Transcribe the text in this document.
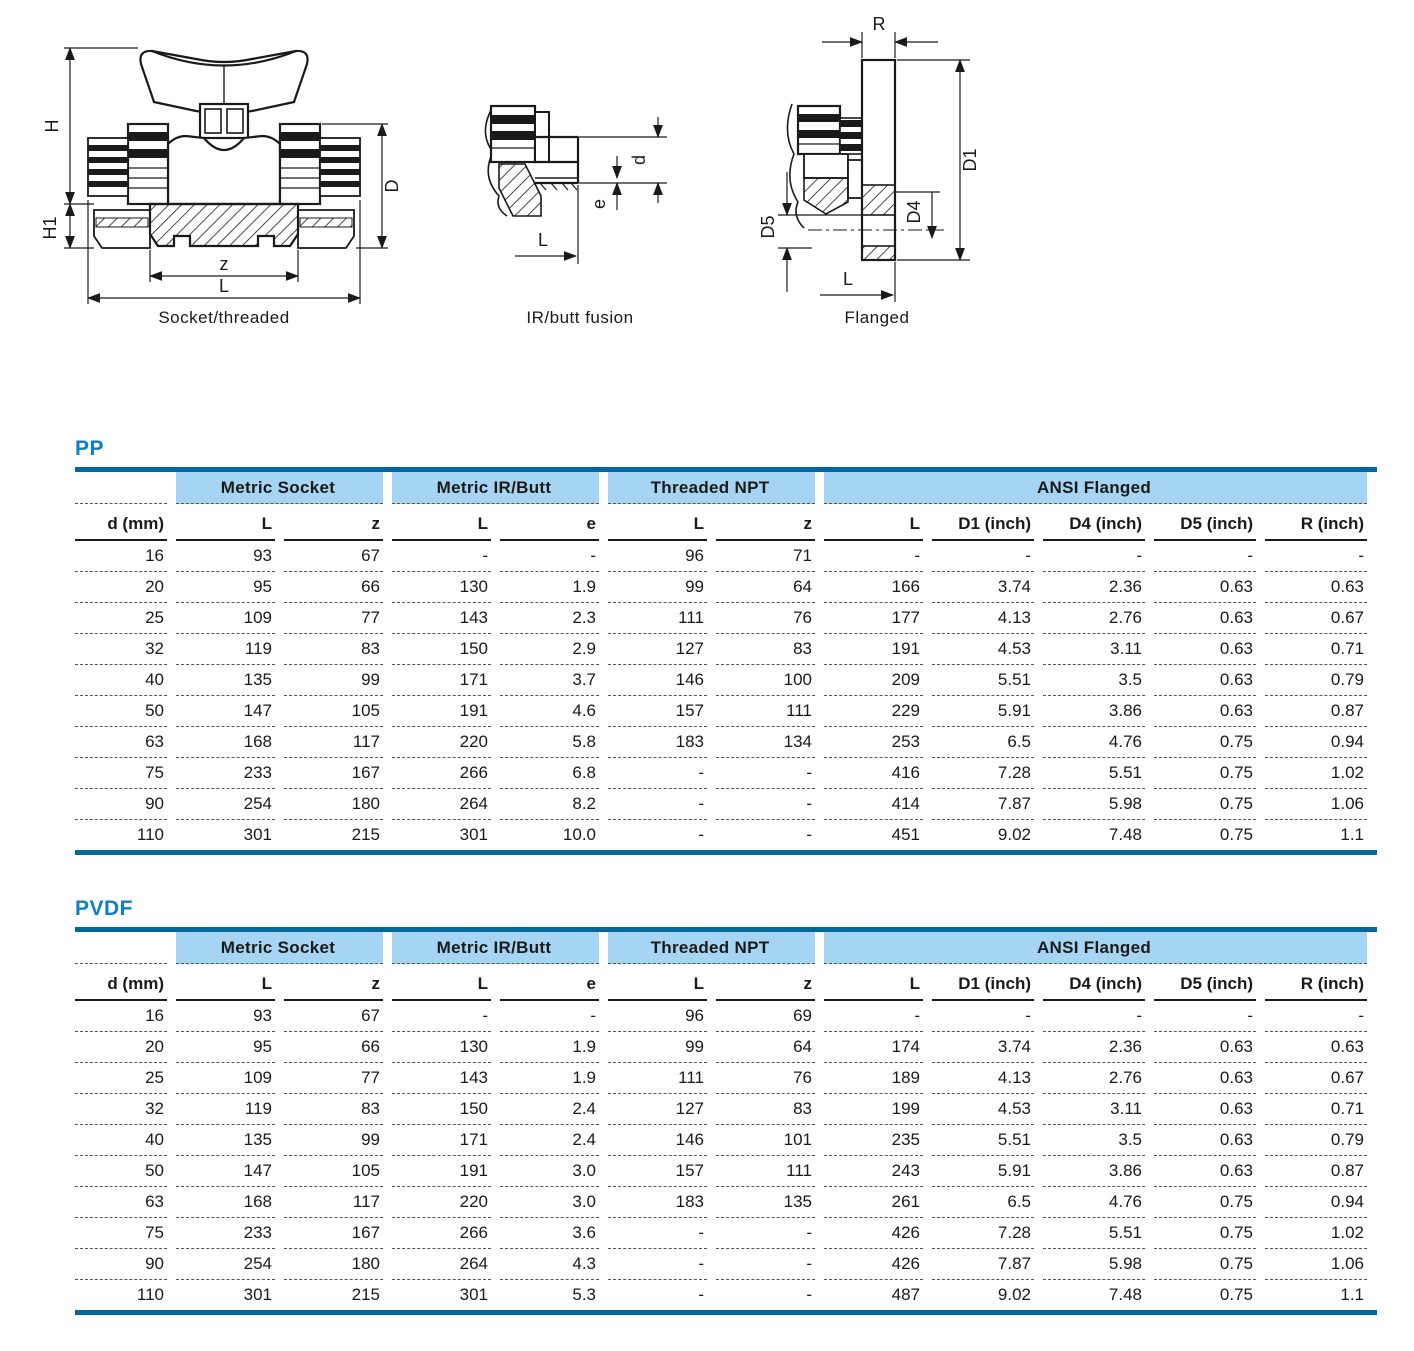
H
H1
D
z
L
Socket/threaded
d
e
L
IR/butt fusion
R
D1
D4
D5
L
Flanged
PP
	Metric Socket		Metric IR/Butt		Threaded NPT		ANSI Flanged				
d (mm)	L	z	L	e	L	z	L	D1 (inch)	D4 (inch)	D5 (inch)	R (inch)
16	93	67	-	-	96	71	-	-	-	-	-
20	95	66	130	1.9	99	64	166	3.74	2.36	0.63	0.63
25	109	77	143	2.3	111	76	177	4.13	2.76	0.63	0.67
32	119	83	150	2.9	127	83	191	4.53	3.11	0.63	0.71
40	135	99	171	3.7	146	100	209	5.51	3.5	0.63	0.79
50	147	105	191	4.6	157	111	229	5.91	3.86	0.63	0.87
63	168	117	220	5.8	183	134	253	6.5	4.76	0.75	0.94
75	233	167	266	6.8	-	-	416	7.28	5.51	0.75	1.02
90	254	180	264	8.2	-	-	414	7.87	5.98	0.75	1.06
110	301	215	301	10.0	-	-	451	9.02	7.48	0.75	1.1
PVDF
	Metric Socket		Metric IR/Butt		Threaded NPT		ANSI Flanged				
d (mm)	L	z	L	e	L	z	L	D1 (inch)	D4 (inch)	D5 (inch)	R (inch)
16	93	67	-	-	96	69	-	-	-	-	-
20	95	66	130	1.9	99	64	174	3.74	2.36	0.63	0.63
25	109	77	143	1.9	111	76	189	4.13	2.76	0.63	0.67
32	119	83	150	2.4	127	83	199	4.53	3.11	0.63	0.71
40	135	99	171	2.4	146	101	235	5.51	3.5	0.63	0.79
50	147	105	191	3.0	157	111	243	5.91	3.86	0.63	0.87
63	168	117	220	3.0	183	135	261	6.5	4.76	0.75	0.94
75	233	167	266	3.6	-	-	426	7.28	5.51	0.75	1.02
90	254	180	264	4.3	-	-	426	7.87	5.98	0.75	1.06
110	301	215	301	5.3	-	-	487	9.02	7.48	0.75	1.1
